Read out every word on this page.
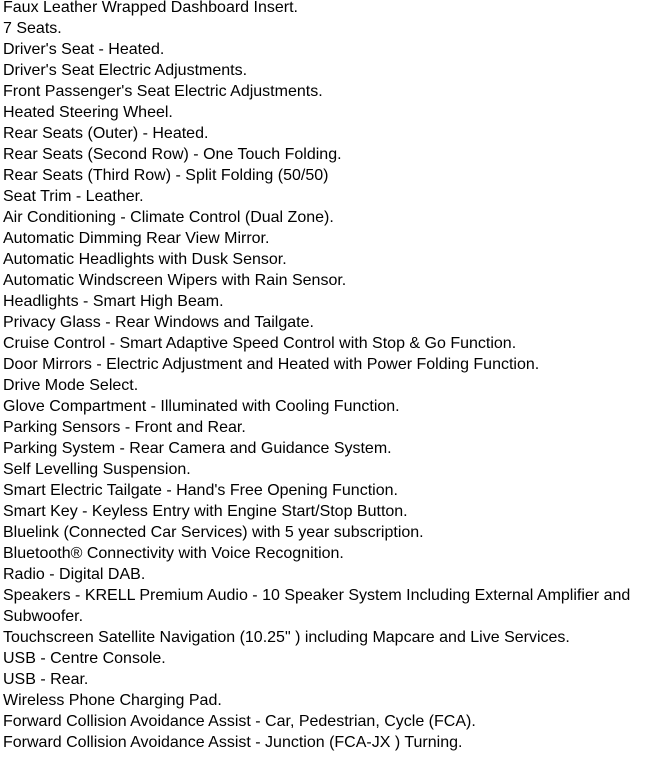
Faux Leather Wrapped Dashboard Insert.
7 Seats.
Driver's Seat - Heated.
Driver's Seat Electric Adjustments.
Front Passenger's Seat Electric Adjustments.
Heated Steering Wheel.
Rear Seats (Outer) - Heated.
Rear Seats (Second Row) - One Touch Folding.
Rear Seats (Third Row) - Split Folding (50/50)
Seat Trim - Leather.
Air Conditioning - Climate Control (Dual Zone).
Automatic Dimming Rear View Mirror.
Automatic Headlights with Dusk Sensor.
Automatic Windscreen Wipers with Rain Sensor.
Headlights - Smart High Beam.
Privacy Glass - Rear Windows and Tailgate.
Cruise Control - Smart Adaptive Speed Control with Stop & Go Function.
Door Mirrors - Electric Adjustment and Heated with Power Folding Function.
Drive Mode Select.
Glove Compartment - Illuminated with Cooling Function.
Parking Sensors - Front and Rear.
Parking System - Rear Camera and Guidance System.
Self Levelling Suspension.
Smart Electric Tailgate - Hand's Free Opening Function.
Smart Key - Keyless Entry with Engine Start/Stop Button.
Bluelink (Connected Car Services) with 5 year subscription.
Bluetooth® Connectivity with Voice Recognition.
Radio - Digital DAB.
Speakers - KRELL Premium Audio - 10 Speaker System Including External Amplifier and Subwoofer.
Touchscreen Satellite Navigation (10.25" ) including Mapcare and Live Services.
USB - Centre Console.
USB - Rear.
Wireless Phone Charging Pad.
Forward Collision Avoidance Assist - Car, Pedestrian, Cycle (FCA).
Forward Collision Avoidance Assist - Junction (FCA-JX ) Turning.
